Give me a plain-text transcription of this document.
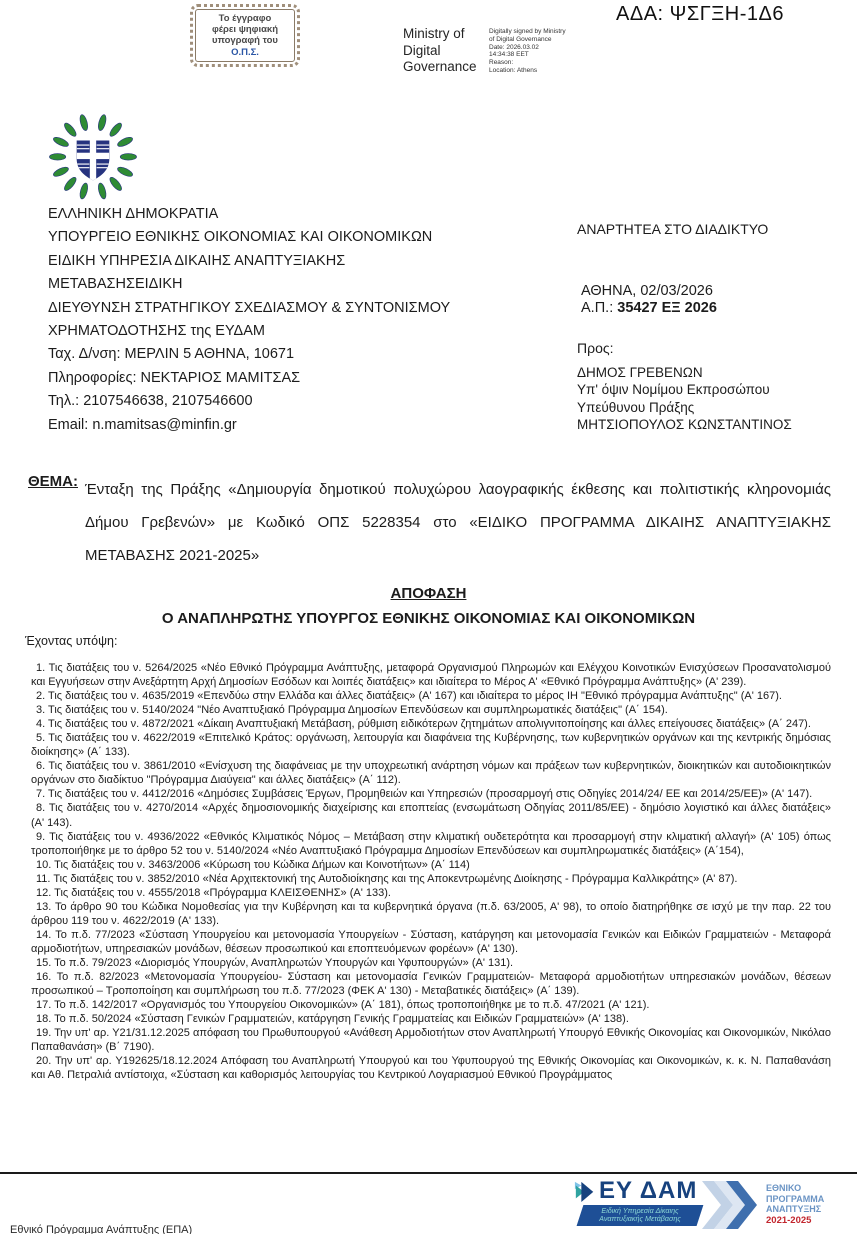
Το έγγραφο
φέρει ψηφιακή
υπογραφή του
Ο.Π.Σ.
Ministry of
Digital
Governance
Digitally signed by Ministry
of Digital Governance
Date: 2026.03.02
14:34:38 EET
Reason:
Location: Athens
ΑΔΑ: ΨΣΓΞΗ-1Δ6
ΕΛΛΗΝΙΚΗ ΔΗΜΟΚΡΑΤΙΑ
ΥΠΟΥΡΓΕΙΟ ΕΘΝΙΚΗΣ ΟΙΚΟΝΟΜΙΑΣ ΚΑΙ ΟΙΚΟΝΟΜΙΚΩΝ
ΕΙΔΙΚΗ ΥΠΗΡΕΣΙΑ ΔΙΚΑΙΗΣ ΑΝΑΠΤΥΞΙΑΚΗΣ
ΜΕΤΑΒΑΣΗΣΕΙΔΙΚΗ
ΔΙΕΥΘΥΝΣΗ ΣΤΡΑΤΗΓΙΚΟΥ ΣΧΕΔΙΑΣΜΟΥ & ΣΥΝΤΟΝΙΣΜΟΥ
ΧΡΗΜΑΤΟΔΟΤΗΣΗΣ της ΕΥΔΑΜ
Ταχ. Δ/νση: ΜΕΡΛΙΝ 5 ΑΘΗΝΑ, 10671
Πληροφορίες: ΝΕΚΤΑΡΙΟΣ ΜΑΜΙΤΣΑΣ
Τηλ.: 2107546638, 2107546600
Email: n.mamitsas@minfin.gr
ΑΝΑΡΤΗΤΕΑ ΣΤΟ ΔΙΑΔΙΚΤΥΟ
ΑΘΗΝΑ, 02/03/2026
Α.Π.: 35427 ΕΞ 2026
Προς:
ΔΗΜΟΣ ΓΡΕΒΕΝΩΝ
Υπ' όψιν Νομίμου Εκπροσώπου
Υπεύθυνου Πράξης
ΜΗΤΣΙΟΠΟΥΛΟΣ ΚΩΝΣΤΑΝΤΙΝΟΣ
ΘΕΜΑ: Ένταξη της Πράξης «Δημιουργία δημοτικού πολυχώρου λαογραφικής έκθεσης και πολιτιστικής κληρονομιάς Δήμου Γρεβενών» με Κωδικό ΟΠΣ 5228354 στο «ΕΙΔΙΚΟ ΠΡΟΓΡΑΜΜΑ ΔΙΚΑΙΗΣ ΑΝΑΠΤΥΞΙΑΚΗΣ ΜΕΤΑΒΑΣΗΣ 2021-2025»
ΑΠΟΦΑΣΗ
Ο ΑΝΑΠΛΗΡΩΤΗΣ ΥΠΟΥΡΓΟΣ ΕΘΝΙΚΗΣ ΟΙΚΟΝΟΜΙΑΣ ΚΑΙ ΟΙΚΟΝΟΜΙΚΩΝ
Έχοντας υπόψη:
1. Τις διατάξεις του ν. 5264/2025 «Νέο Εθνικό Πρόγραμμα Ανάπτυξης, μεταφορά Οργανισμού Πληρωμών και Ελέγχου Κοινοτικών Ενισχύσεων Προσανατολισμού και Εγγυήσεων στην Ανεξάρτητη Αρχή Δημοσίων Εσόδων και λοιπές διατάξεις» και ιδιαίτερα το Μέρος Α' «Εθνικό Πρόγραμμα Ανάπτυξης» (Α' 239).
2. Τις διατάξεις του ν. 4635/2019 «Επενδύω στην Ελλάδα και άλλες διατάξεις» (Α' 167) και ιδιαίτερα το μέρος ΙΗ "Εθνικό πρόγραμμα Ανάπτυξης" (Α' 167).
3. Τις διατάξεις του ν. 5140/2024 "Νέο Αναπτυξιακό Πρόγραμμα Δημοσίων Επενδύσεων και συμπληρωματικές διατάξεις" (Α΄ 154).
4. Τις διατάξεις του ν. 4872/2021 «Δίκαιη Αναπτυξιακή Μετάβαση, ρύθμιση ειδικότερων ζητημάτων απολιγνιτοποίησης και άλλες επείγουσες διατάξεις» (Α΄ 247).
5. Τις διατάξεις του ν. 4622/2019 «Επιτελικό Κράτος: οργάνωση, λειτουργία και διαφάνεια της Κυβέρνησης, των κυβερνητικών οργάνων και της κεντρικής δημόσιας διοίκησης» (Α΄ 133).
6. Τις διατάξεις του ν. 3861/2010 «Ενίσχυση της διαφάνειας με την υποχρεωτική ανάρτηση νόμων και πράξεων των κυβερνητικών, διοικητικών και αυτοδιοικητικών οργάνων στο διαδίκτυο "Πρόγραμμα Διαύγεια" και άλλες διατάξεις» (Α΄ 112).
7. Τις διατάξεις του ν. 4412/2016 «Δημόσιες Συμβάσεις Έργων, Προμηθειών και Υπηρεσιών (προσαρμογή στις Οδηγίες 2014/24/ ΕΕ και 2014/25/ΕΕ)» (Α' 147).
8. Τις διατάξεις του ν. 4270/2014 «Αρχές δημοσιονομικής διαχείρισης και εποπτείας (ενσωμάτωση Οδηγίας 2011/85/ΕΕ) - δημόσιο λογιστικό και άλλες διατάξεις» (Α' 143).
9. Τις διατάξεις του ν. 4936/2022 «Εθνικός Κλιματικός Νόμος – Μετάβαση στην κλιματική ουδετερότητα και προσαρμογή στην κλιματική αλλαγή» (Α' 105) όπως τροποποιήθηκε με το άρθρο 52 του ν. 5140/2024 «Νέο Αναπτυξιακό Πρόγραμμα Δημοσίων Επενδύσεων και συμπληρωματικές διατάξεις» (Α΄154),
10. Τις διατάξεις του ν. 3463/2006 «Κύρωση του Κώδικα Δήμων και Κοινοτήτων» (Α΄ 114)
11. Τις διατάξεις του ν. 3852/2010 «Νέα Αρχιτεκτονική της Αυτοδιοίκησης και της Αποκεντρωμένης Διοίκησης - Πρόγραμμα Καλλικράτης» (Α' 87).
12. Τις διατάξεις του ν. 4555/2018 «Πρόγραμμα ΚΛΕΙΣΘΕΝΗΣ» (Α' 133).
13. Το άρθρο 90 του Κώδικα Νομοθεσίας για την Κυβέρνηση και τα κυβερνητικά όργανα (π.δ. 63/2005, Α' 98), το οποίο διατηρήθηκε σε ισχύ με την παρ. 22 του άρθρου 119 του ν. 4622/2019 (Α' 133).
14. Το π.δ. 77/2023 «Σύσταση Υπουργείου και μετονομασία Υπουργείων - Σύσταση, κατάργηση και μετονομασία Γενικών και Ειδικών Γραμματειών - Μεταφορά αρμοδιοτήτων, υπηρεσιακών μονάδων, θέσεων προσωπικού και εποπτευόμενων φορέων» (Α' 130).
15. Το π.δ. 79/2023 «Διορισμός Υπουργών, Αναπληρωτών Υπουργών και Υφυπουργών» (Α' 131).
16. Το π.δ. 82/2023 «Μετονομασία Υπουργείου- Σύσταση και μετονομασία Γενικών Γραμματειών- Μεταφορά αρμοδιοτήτων υπηρεσιακών μονάδων, θέσεων προσωπικού – Τροποποίηση και συμπλήρωση του π.δ. 77/2023 (ΦΕΚ Α' 130) - Μεταβατικές διατάξεις» (Α΄ 139).
17. Το π.δ. 142/2017 «Οργανισμός του Υπουργείου Οικονομικών» (Α΄ 181), όπως τροποποιήθηκε με το π.δ. 47/2021 (Α' 121).
18. Το π.δ. 50/2024 «Σύσταση Γενικών Γραμματειών, κατάργηση Γενικής Γραμματείας και Ειδικών Γραμματειών» (Α' 138).
19. Την υπ' αρ. Υ21/31.12.2025 απόφαση του Πρωθυπουργού «Ανάθεση Αρμοδιοτήτων στον Αναπληρωτή Υπουργό Εθνικής Οικονομίας και Οικονομικών, Νικόλαο Παπαθανάση» (Β΄ 7190).
20. Την υπ' αρ. Υ192625/18.12.2024 Απόφαση του Αναπληρωτή Υπουργού και του Υφυπουργού της Εθνικής Οικονομίας και Οικονομικών, κ. κ. Ν. Παπαθανάση και Αθ. Πετραλιά αντίστοιχα, «Σύσταση και καθορισμός λειτουργίας του Κεντρικού Λογαριασμού Εθνικού Προγράμματος
Εθνικό Πρόγραμμα Ανάπτυξης (ΕΠΑ)
ΕΥ ΔΑΜ
Ειδική Υπηρεσία Δίκαιης
Αναπτυξιακής Μετάβασης
ΕΘΝΙΚΟ
ΠΡΟΓΡΑΜΜΑ
ΑΝΑΠΤΥΞΗΣ
2021-2025
